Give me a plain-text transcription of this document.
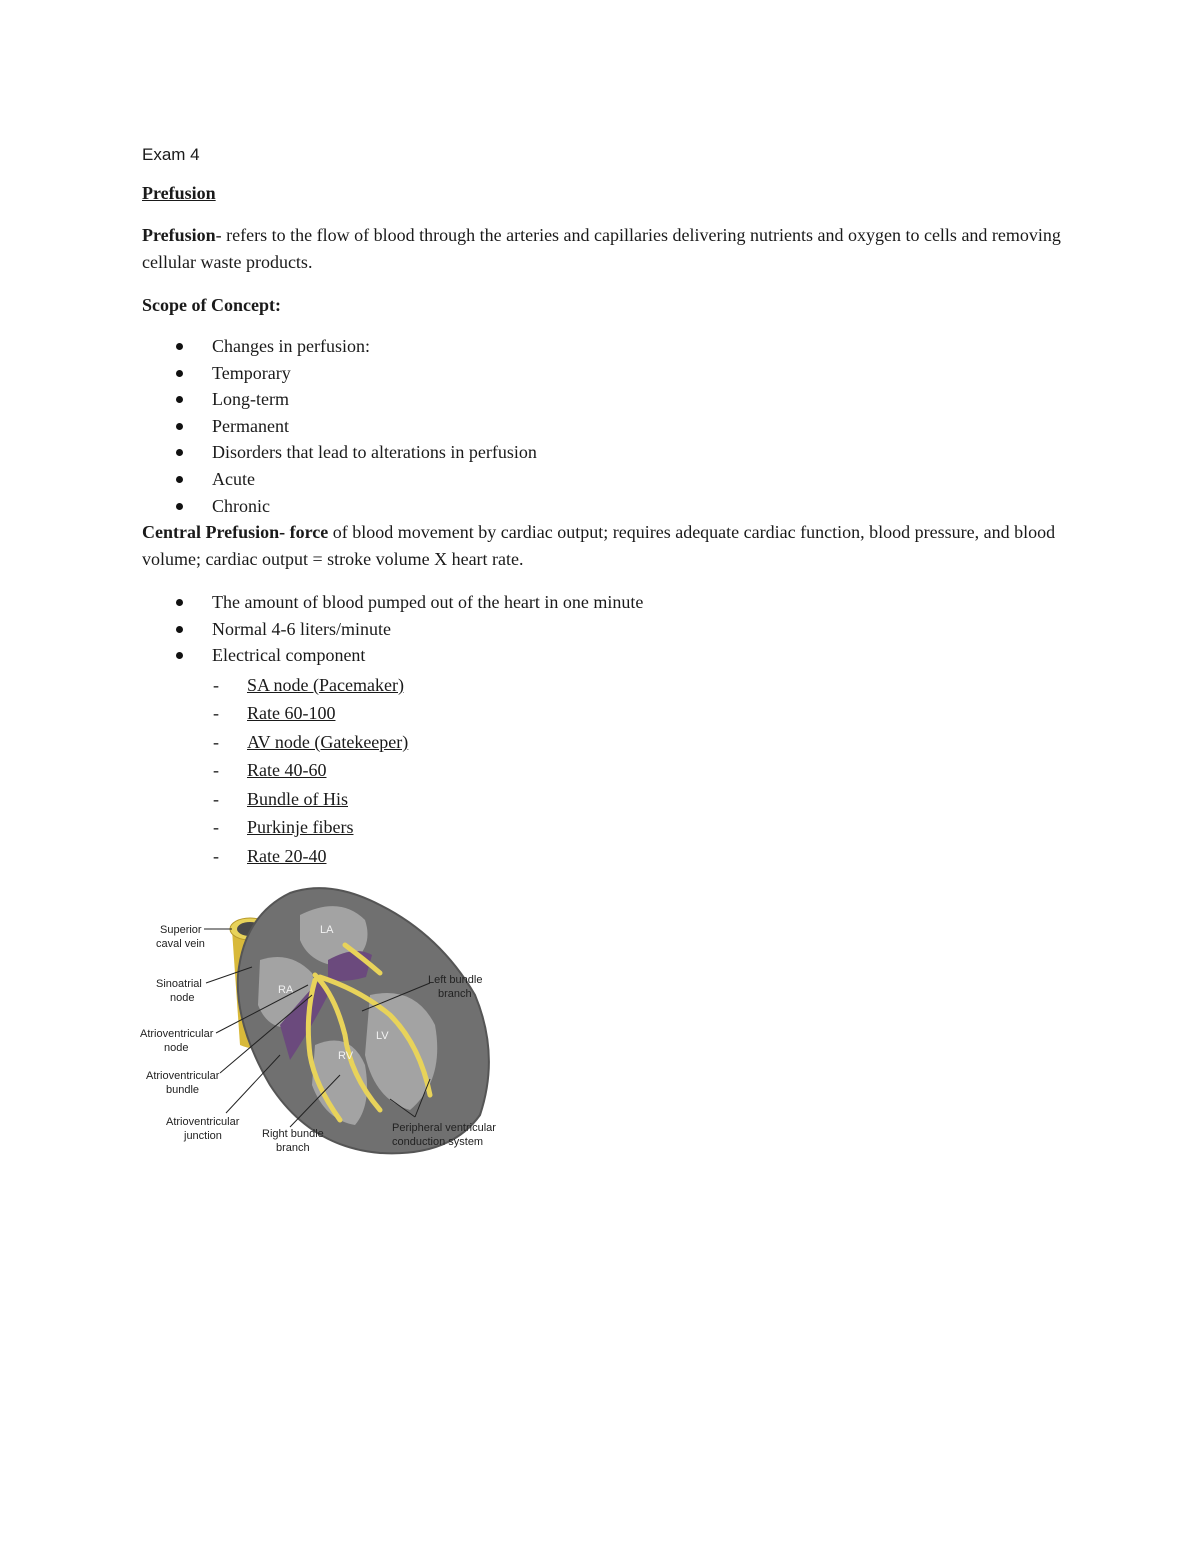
Exam 4
Prefusion

Prefusion- refers to the flow of blood through the arteries and capillaries delivering nutrients and oxygen to cells and removing cellular waste products.

Scope of Concept:

Changes in perfusion:
Temporary
Long-term
Permanent
Disorders that lead to alterations in perfusion
Acute
Chronic

Central Prefusion- force of blood movement by cardiac output; requires adequate cardiac function, blood pressure, and blood volume; cardiac output = stroke volume X heart rate.

The amount of blood pumped out of the heart in one minute
Normal 4-6 liters/minute
Electrical component
- SA node (Pacemaker)
- Rate 60-100
- AV node (Gatekeeper)
- Rate 40-60
- Bundle of His
- Purkinje fibers
- Rate 20-40
LA
RA
LV
RV
Superior caval vein
Sinoatrial node
Atrioventricular node
Atrioventricular bundle
Atrioventricular junction	Right bundle branch
Left bundle branch
Peripheral ventricular conduction system
